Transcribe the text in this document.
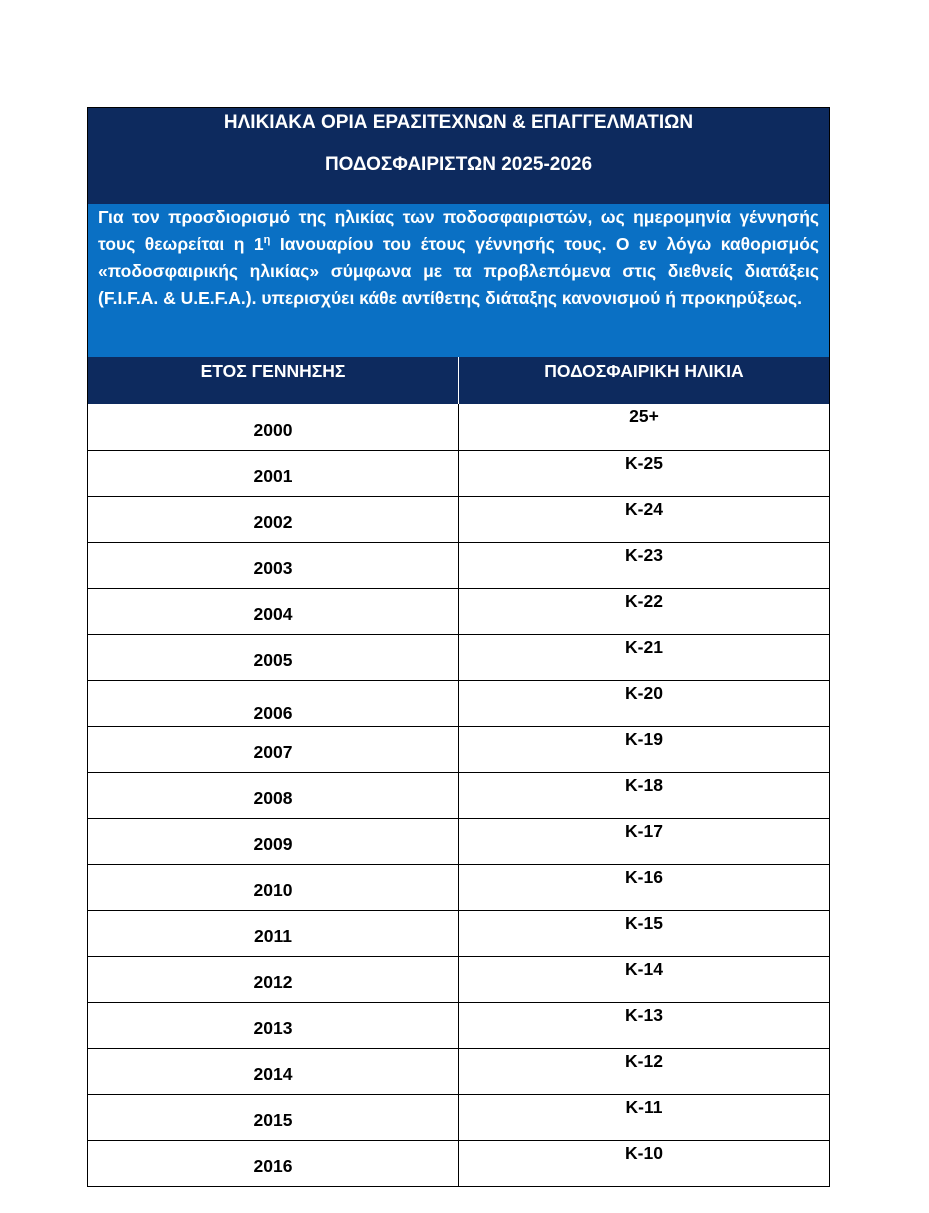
ΗΛΙΚΙΑΚΑ ΟΡΙΑ ΕΡΑΣΙΤΕΧΝΩΝ & ΕΠΑΓΓΕΛΜΑΤΙΩΝ
ΠΟΔΟΣΦΑΙΡΙΣΤΩΝ 2025-2026
Για τον προσδιορισμό της ηλικίας των ποδοσφαιριστών, ως ημερομηνία γέννησής τους θεωρείται η $1^\eta$ Ιανουαρίου του έτους γέννησής τους. Ο εν λόγω καθορισμός «ποδοσφαιρικής ηλικίας» σύμφωνα με τα προβλεπόμενα στις διεθνείς διατάξεις (F.I.F.A. & U.E.F.A.). υπερισχύει κάθε αντίθετης διάταξης κανονισμού ή προκηρύξεως.
ΕΤΟΣ ΓΕΝΝΗΣΗΣ	ΠΟΔΟΣΦΑΙΡΙΚΗ ΗΛΙΚΙΑ
2000
25+
2001
K-25
2002
K-24
2003
K-23
2004
K-22
2005
K-21
2006
K-20
2007
K-19
2008
K-18
2009
K-17
2010
K-16
2011
K-15
2012
K-14
2013
K-13
2014
K-12
2015
K-11
2016
K-10
